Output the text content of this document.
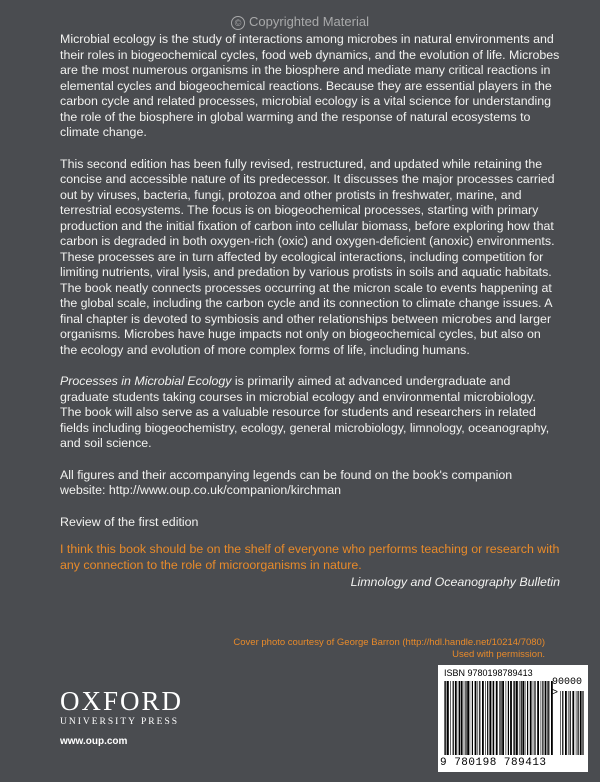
© Copyrighted Material

Microbial ecology is the study of interactions among microbes in natural environments and their roles in biogeochemical cycles, food web dynamics, and the evolution of life. Microbes are the most numerous organisms in the biosphere and mediate many critical reactions in elemental cycles and biogeochemical reactions. Because they are essential players in the carbon cycle and related processes, microbial ecology is a vital science for understanding the role of the biosphere in global warming and the response of natural ecosystems to climate change.

This second edition has been fully revised, restructured, and updated while retaining the concise and accessible nature of its predecessor. It discusses the major processes carried out by viruses, bacteria, fungi, protozoa and other protists in freshwater, marine, and terrestrial ecosystems. The focus is on biogeochemical processes, starting with primary production and the initial fixation of carbon into cellular biomass, before exploring how that carbon is degraded in both oxygen-rich (oxic) and oxygen-deficient (anoxic) environments. These processes are in turn affected by ecological interactions, including competition for limiting nutrients, viral lysis, and predation by various protists in soils and aquatic habitats. The book neatly connects processes occurring at the micron scale to events happening at the global scale, including the carbon cycle and its connection to climate change issues. A final chapter is devoted to symbiosis and other relationships between microbes and larger organisms. Microbes have huge impacts not only on biogeochemical cycles, but also on the ecology and evolution of more complex forms of life, including humans.

Processes in Microbial Ecology is primarily aimed at advanced undergraduate and graduate students taking courses in microbial ecology and environmental microbiology. The book will also serve as a valuable resource for students and researchers in related fields including biogeochemistry, ecology, general microbiology, limnology, oceanography, and soil science.

All figures and their accompanying legends can be found on the book's companion website: http://www.oup.co.uk/companion/kirchman

Review of the first edition

I think this book should be on the shelf of everyone who performs teaching or research with any connection to the role of microorganisms in nature.

Limnology and Oceanography Bulletin

Cover photo courtesy of George Barron (http://hdl.handle.net/10214/7080)
Used with permission.
OXFORD
UNIVERSITY PRESS
www.oup.com
ISBN 9780198789413
90000 >
9 780198 789413
